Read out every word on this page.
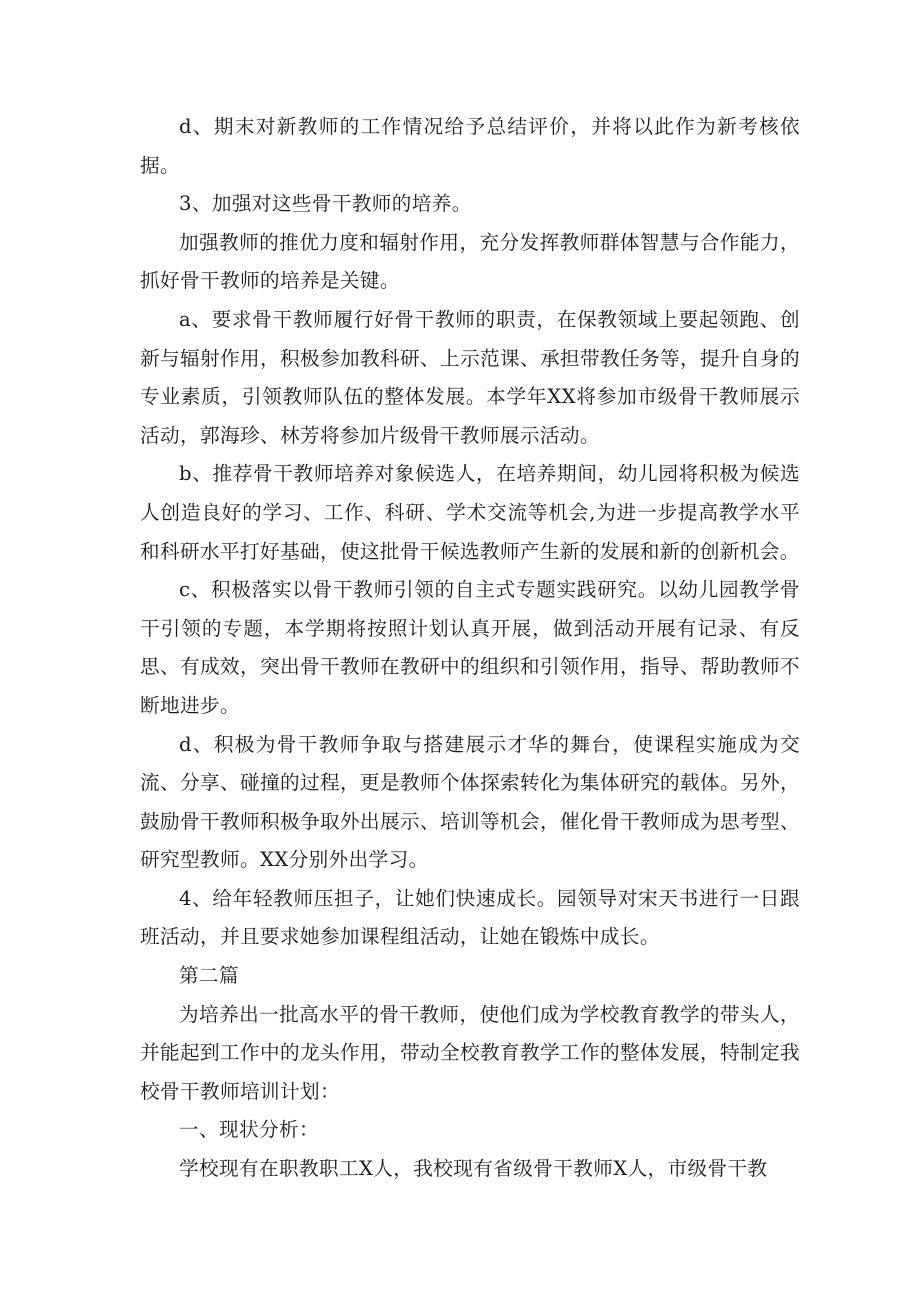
d、期末对新教师的工作情况给予总结评价，并将以此作为新考核依据。

3、加强对这些骨干教师的培养。

加强教师的推优力度和辐射作用，充分发挥教师群体智慧与合作能力，抓好骨干教师的培养是关键。

a、要求骨干教师履行好骨干教师的职责，在保教领域上要起领跑、创新与辐射作用，积极参加教科研、上示范课、承担带教任务等，提升自身的专业素质，引领教师队伍的整体发展。本学年XX将参加市级骨干教师展示活动，郭海珍、林芳将参加片级骨干教师展示活动。

b、推荐骨干教师培养对象候选人，在培养期间，幼儿园将积极为候选人创造良好的学习、工作、科研、学术交流等机会,为进一步提高教学水平和科研水平打好基础，使这批骨干候选教师产生新的发展和新的创新机会。

c、积极落实以骨干教师引领的自主式专题实践研究。以幼儿园教学骨干引领的专题，本学期将按照计划认真开展，做到活动开展有记录、有反思、有成效，突出骨干教师在教研中的组织和引领作用，指导、帮助教师不断地进步。

d、积极为骨干教师争取与搭建展示才华的舞台，使课程实施成为交流、分享、碰撞的过程，更是教师个体探索转化为集体研究的载体。另外，鼓励骨干教师积极争取外出展示、培训等机会，催化骨干教师成为思考型、研究型教师。XX分别外出学习。

4、给年轻教师压担子，让她们快速成长。园领导对宋天书进行一日跟班活动，并且要求她参加课程组活动，让她在锻炼中成长。

第二篇

为培养出一批高水平的骨干教师，使他们成为学校教育教学的带头人，并能起到工作中的龙头作用，带动全校教育教学工作的整体发展，特制定我校骨干教师培训计划：

一、现状分析：

学校现有在职教职工X人，我校现有省级骨干教师X人，市级骨干教
